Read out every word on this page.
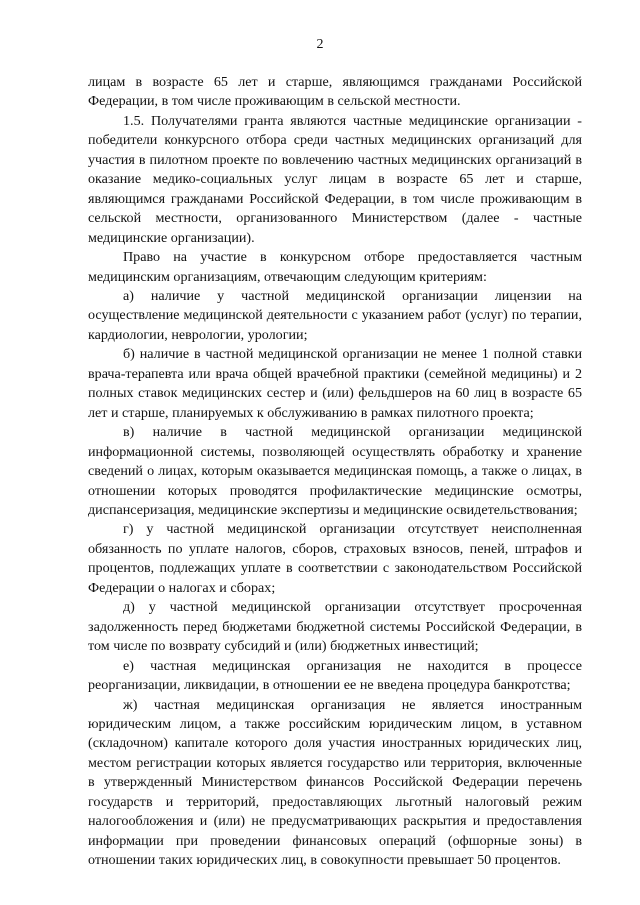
2

лицам в возрасте 65 лет и старше, являющимся гражданами Российской Федерации, в том числе проживающим в сельской местности.

1.5. Получателями гранта являются частные медицинские организации - победители конкурсного отбора среди частных медицинских организаций для участия в пилотном проекте по вовлечению частных медицинских организаций в оказание медико-социальных услуг лицам в возрасте 65 лет и старше, являющимся гражданами Российской Федерации, в том числе проживающим в сельской местности, организованного Министерством (далее - частные медицинские организации).

Право на участие в конкурсном отборе предоставляется частным медицинским организациям, отвечающим следующим критериям:

а) наличие у частной медицинской организации лицензии на осуществление медицинской деятельности с указанием работ (услуг) по терапии, кардиологии, неврологии, урологии;

б) наличие в частной медицинской организации не менее 1 полной ставки врача-терапевта или врача общей врачебной практики (семейной медицины) и 2 полных ставок медицинских сестер и (или) фельдшеров на 60 лиц в возрасте 65 лет и старше, планируемых к обслуживанию в рамках пилотного проекта;

в) наличие в частной медицинской организации медицинской информационной системы, позволяющей осуществлять обработку и хранение сведений о лицах, которым оказывается медицинская помощь, а также о лицах, в отношении которых проводятся профилактические медицинские осмотры, диспансеризация, медицинские экспертизы и медицинские освидетельствования;

г) у частной медицинской организации отсутствует неисполненная обязанность по уплате налогов, сборов, страховых взносов, пеней, штрафов и процентов, подлежащих уплате в соответствии с законодательством Российской Федерации о налогах и сборах;

д) у частной медицинской организации отсутствует просроченная задолженность перед бюджетами бюджетной системы Российской Федерации, в том числе по возврату субсидий и (или) бюджетных инвестиций;

е) частная медицинская организация не находится в процессе реорганизации, ликвидации, в отношении ее не введена процедура банкротства;

ж) частная медицинская организация не является иностранным юридическим лицом, а также российским юридическим лицом, в уставном (складочном) капитале которого доля участия иностранных юридических лиц, местом регистрации которых является государство или территория, включенные в утвержденный Министерством финансов Российской Федерации перечень государств и территорий, предоставляющих льготный налоговый режим налогообложения и (или) не предусматривающих раскрытия и предоставления информации при проведении финансовых операций (офшорные зоны) в отношении таких юридических лиц, в совокупности превышает 50 процентов.
